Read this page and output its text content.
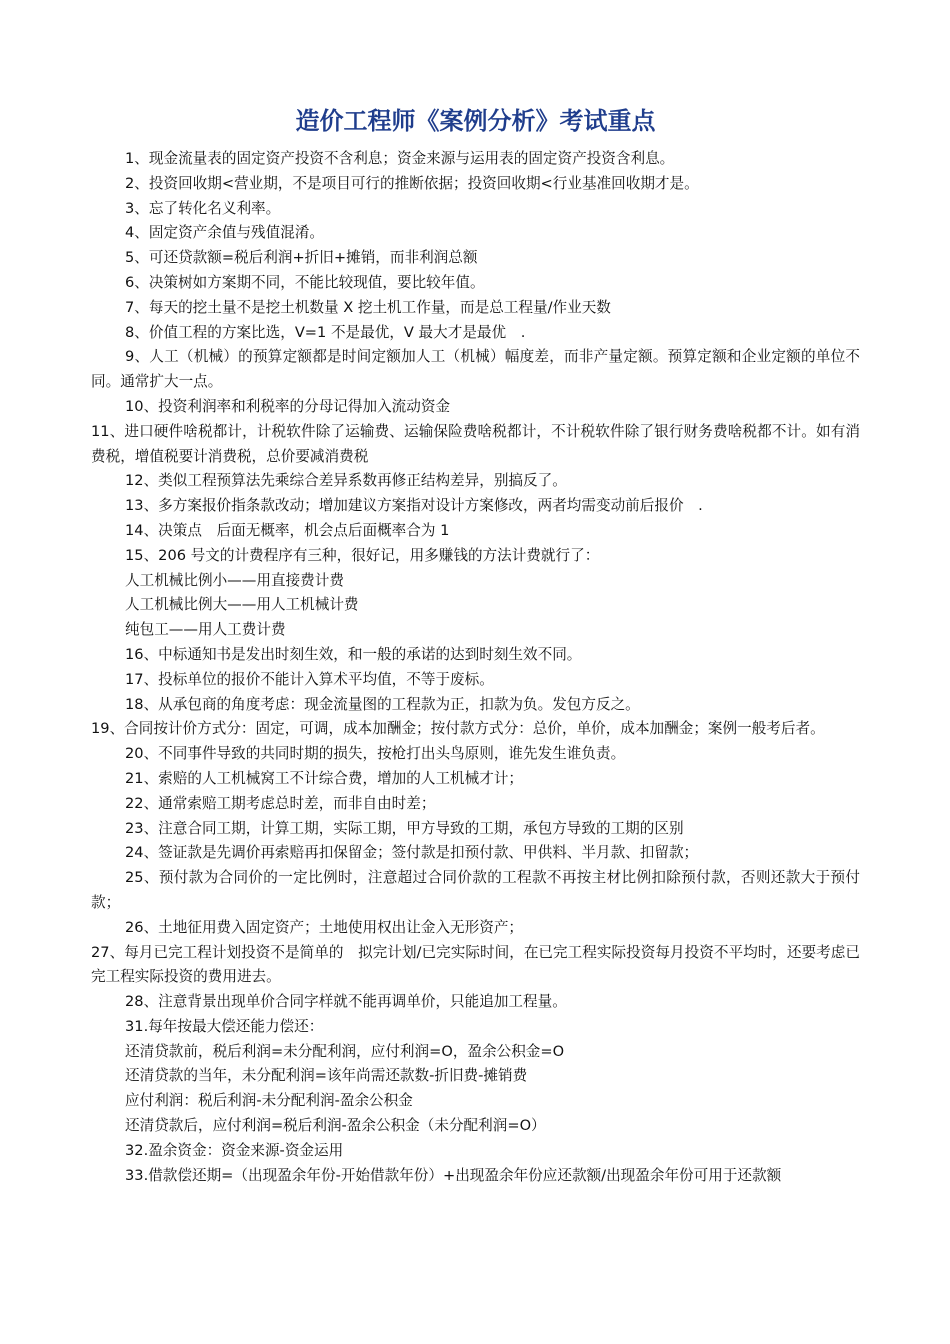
造价工程师《案例分析》考试重点

1、现金流量表的固定资产投资不含利息；资金来源与运用表的固定资产投资含利息。

2、投资回收期<营业期，不是项目可行的推断依据；投资回收期<行业基准回收期才是。

3、忘了转化名义利率。

4、固定资产余值与残值混淆。

5、可还贷款额=税后利润+折旧+摊销，而非利润总额

6、决策树如方案期不同，不能比较现值，要比较年值。

7、每天的挖土量不是挖土机数量 X 挖土机工作量，而是总工程量/作业天数

8、价值工程的方案比选，V=1 不是最优，V 最大才是最优　.

9、人工（机械）的预算定额都是时间定额加人工（机械）幅度差，而非产量定额。预算定额和企业定额的单位不同。通常扩大一点。

10、投资利润率和利税率的分母记得加入流动资金

11、进口硬件啥税都计，计税软件除了运输费、运输保险费啥税都计，不计税软件除了银行财务费啥税都不计。如有消费税，增值税要计消费税，总价要减消费税

12、类似工程预算法先乘综合差异系数再修正结构差异，别搞反了。

13、多方案报价指条款改动；增加建议方案指对设计方案修改，两者均需变动前后报价　.

14、决策点　后面无概率，机会点后面概率合为 1

15、206 号文的计费程序有三种，很好记，用多赚钱的方法计费就行了：

人工机械比例小——用直接费计费

人工机械比例大——用人工机械计费

纯包工——用人工费计费

16、中标通知书是发出时刻生效，和一般的承诺的达到时刻生效不同。

17、投标单位的报价不能计入算术平均值，不等于废标。

18、从承包商的角度考虑：现金流量图的工程款为正，扣款为负。发包方反之。

19、合同按计价方式分：固定，可调，成本加酬金；按付款方式分：总价，单价，成本加酬金；案例一般考后者。

20、不同事件导致的共同时期的损失，按枪打出头鸟原则，谁先发生谁负责。

21、索赔的人工机械窝工不计综合费，增加的人工机械才计；

22、通常索赔工期考虑总时差，而非自由时差；

23、注意合同工期，计算工期，实际工期，甲方导致的工期，承包方导致的工期的区别

24、签证款是先调价再索赔再扣保留金；签付款是扣预付款、甲供料、半月款、扣留款；

25、预付款为合同价的一定比例时，注意超过合同价款的工程款不再按主材比例扣除预付款，否则还款大于预付款；

26、土地征用费入固定资产；土地使用权出让金入无形资产；

27、每月已完工程计划投资不是简单的　拟完计划/已完实际时间，在已完工程实际投资每月投资不平均时，还要考虑已完工程实际投资的费用进去。

28、注意背景出现单价合同字样就不能再调单价，只能追加工程量。

31.每年按最大偿还能力偿还：

还清贷款前，税后利润=未分配利润，应付利润=O，盈余公积金=O

还清贷款的当年，未分配利润=该年尚需还款数-折旧费-摊销费

应付利润：税后利润-未分配利润-盈余公积金

还清贷款后，应付利润=税后利润-盈余公积金（未分配利润=O）

32.盈余资金：资金来源-资金运用

33.借款偿还期=（出现盈余年份-开始借款年份）+出现盈余年份应还款额/出现盈余年份可用于还款额
